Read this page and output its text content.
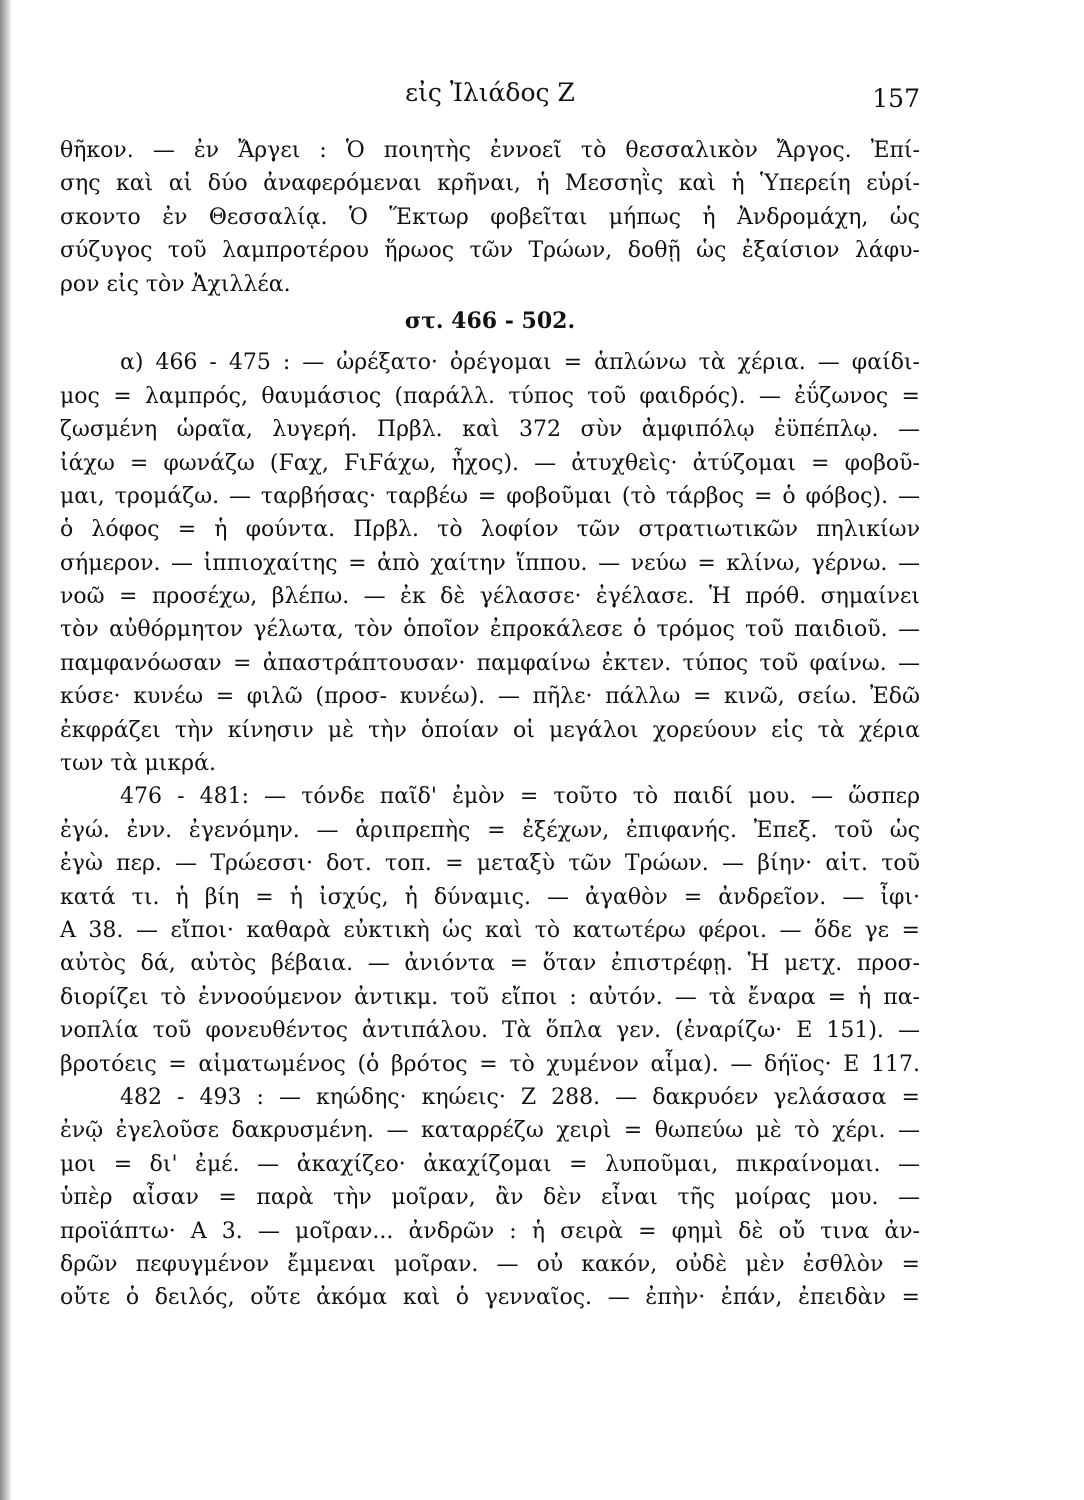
εἰς Ἰλιάδος Ζ	157
θῆκον. — ἐν Ἄργει : Ὁ ποιητὴς ἐννοεῖ τὸ θεσσαλικὸν Ἄργος. Ἐπί-
σης καὶ αἱ δύο ἀναφερόμεναι κρῆναι, ἡ Μεσσηῒς καὶ ἡ Ὑπερείη εὑρί-
σκοντο ἐν Θεσσαλίᾳ. Ὁ Ἕκτωρ φοβεῖται μήπως ἡ Ἀνδρομάχη, ὡς
σύζυγος τοῦ λαμπροτέρου ἥρωος τῶν Τρώων, δοθῇ ὡς ἐξαίσιον λάφυ-
ρον εἰς τὸν Ἀχιλλέα.
στ. 466 - 502.
α) 466 - 475 : — ὠρέξατο· ὀρέγομαι = ἁπλώνω τὰ χέρια. — φαίδι-
μος = λαμπρός, θαυμάσιος (παράλλ. τύπος τοῦ φαιδρός). — ἐΰζωνος =
ζωσμένη ὡραῖα, λυγερή. Πρβλ. καὶ 372 σὺν ἀμφιπόλῳ ἐϋπέπλῳ. —
ἰάχω = φωνάζω (Ϝαχ, ϜιϜάχω, ἦχος). — ἀτυχθεὶς· ἀτύζομαι = φοβοῦ-
μαι, τρομάζω. — ταρβήσας· ταρβέω = φοβοῦμαι (τὸ τάρβος = ὁ φόβος). —
ὁ λόφος = ἡ φούντα. Πρβλ. τὸ λοφίον τῶν στρατιωτικῶν πηλικίων
σήμερον. — ἱππιοχαίτης = ἀπὸ χαίτην ἵππου. — νεύω = κλίνω, γέρνω. —
νοῶ = προσέχω, βλέπω. — ἐκ δὲ γέλασσε· ἐγέλασε. Ἡ πρόθ. σημαίνει
τὸν αὐθόρμητον γέλωτα, τὸν ὁποῖον ἐπροκάλεσε ὁ τρόμος τοῦ παιδιοῦ. —
παμφανόωσαν = ἀπαστράπτουσαν· παμφαίνω ἐκτεν. τύπος τοῦ φαίνω. —
κύσε· κυνέω = φιλῶ (προσ- κυνέω). — πῆλε· πάλλω = κινῶ, σείω. Ἐδῶ
ἐκφράζει τὴν κίνησιν μὲ τὴν ὁποίαν οἱ μεγάλοι χορεύουν εἰς τὰ χέρια
των τὰ μικρά.
476 - 481: — τόνδε παῖδ' ἐμὸν = τοῦτο τὸ παιδί μου. — ὥσπερ
ἐγώ. ἐνν. ἐγενόμην. — ἀριπρεπὴς = ἐξέχων, ἐπιφανής. Ἐπεξ. τοῦ ὡς
ἐγὼ περ. — Τρώεσσι· δοτ. τοπ. = μεταξὺ τῶν Τρώων. — βίην· αἰτ. τοῦ
κατά τι. ἡ βίη = ἡ ἰσχύς, ἡ δύναμις. — ἀγαθὸν = ἀνδρεῖον. — ἶφι·
Α 38. — εἴποι· καθαρὰ εὐκτικὴ ὡς καὶ τὸ κατωτέρω φέροι. — ὅδε γε =
αὐτὸς δά, αὐτὸς βέβαια. — ἀνιόντα = ὅταν ἐπιστρέφῃ. Ἡ μετχ. προσ-
διορίζει τὸ ἐννοούμενον ἀντικμ. τοῦ εἴποι : αὐτόν. — τὰ ἔναρα = ἡ πα-
νοπλία τοῦ φονευθέντος ἀντιπάλου. Τὰ ὅπλα γεν. (ἐναρίζω· Ε 151). —
βροτόεις = αἱματωμένος (ὁ βρότος = τὸ χυμένον αἷμα). — δήϊος· Ε 117.
482 - 493 : — κηώδης· κηώεις· Ζ 288. — δακρυόεν γελάσασα =
ἐνῷ ἐγελοῦσε δακρυσμένη. — καταρρέζω χειρὶ = θωπεύω μὲ τὸ χέρι. —
μοι = δι' ἐμέ. — ἀκαχίζεο· ἀκαχίζομαι = λυποῦμαι, πικραίνομαι. —
ὑπὲρ αἶσαν = παρὰ τὴν μοῖραν, ἂν δὲν εἶναι τῆς μοίρας μου. —
προϊάπτω· Α 3. — μοῖραν... ἀνδρῶν : ἡ σειρὰ = φημὶ δὲ οὔ τινα ἀν-
δρῶν πεφυγμένον ἔμμεναι μοῖραν. — οὐ κακόν, οὐδὲ μὲν ἐσθλὸν =
οὔτε ὁ δειλός, οὔτε ἀκόμα καὶ ὁ γενναῖος. — ἐπὴν· ἐπάν, ἐπειδὰν =
